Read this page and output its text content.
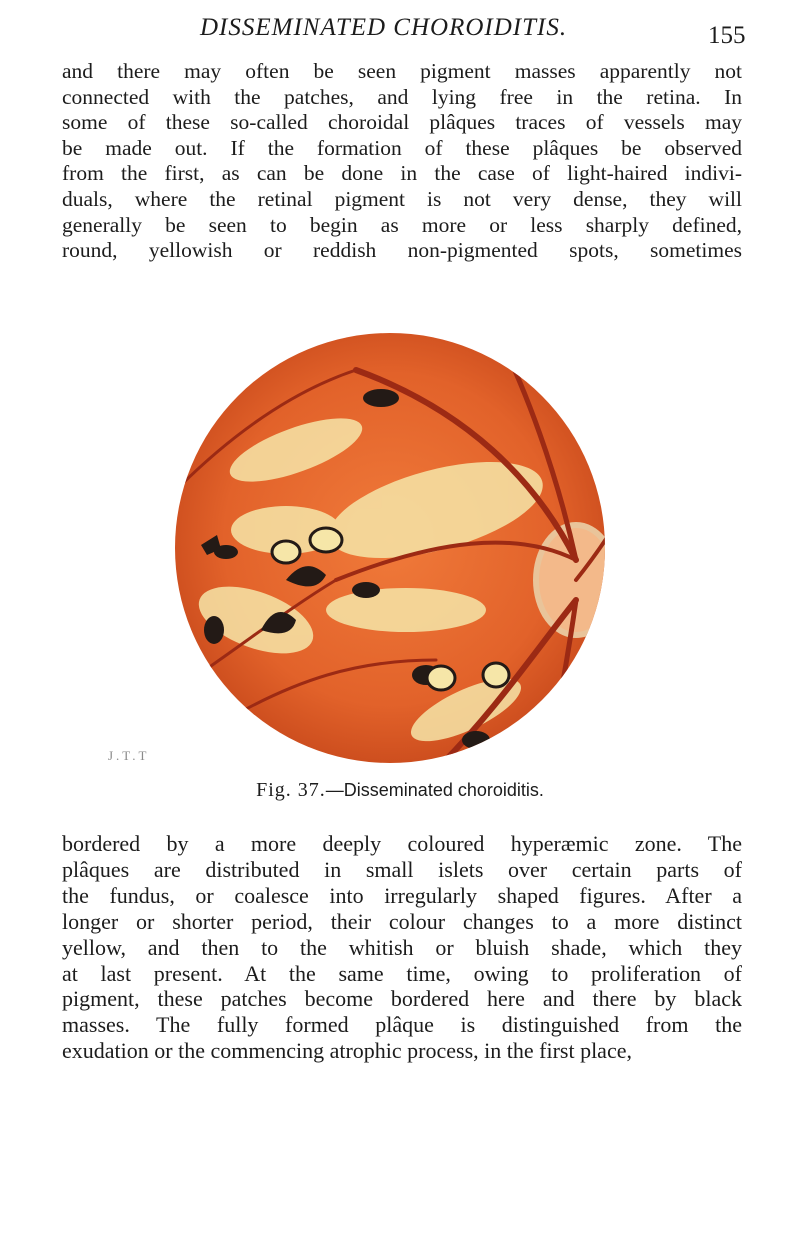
DISSEMINATED CHOROIDITIS.	155
and there may often be seen pigment masses apparently not
connected with the patches, and lying free in the retina. In
some of these so-called choroidal plâques traces of vessels may
be made out. If the formation of these plâques be observed
from the first, as can be done in the case of light-haired indivi-
duals, where the retinal pigment is not very dense, they will
generally be seen to begin as more or less sharply defined,
round, yellowish or reddish non-pigmented spots, sometimes
J.T.T
Fig. 37.—Disseminated choroiditis.
bordered by a more deeply coloured hyperæmic zone. The
plâques are distributed in small islets over certain parts of
the fundus, or coalesce into irregularly shaped figures. After a
longer or shorter period, their colour changes to a more distinct
yellow, and then to the whitish or bluish shade, which they
at last present. At the same time, owing to proliferation of
pigment, these patches become bordered here and there by black
masses. The fully formed plâque is distinguished from the
exudation or the commencing atrophic process, in the first place,
